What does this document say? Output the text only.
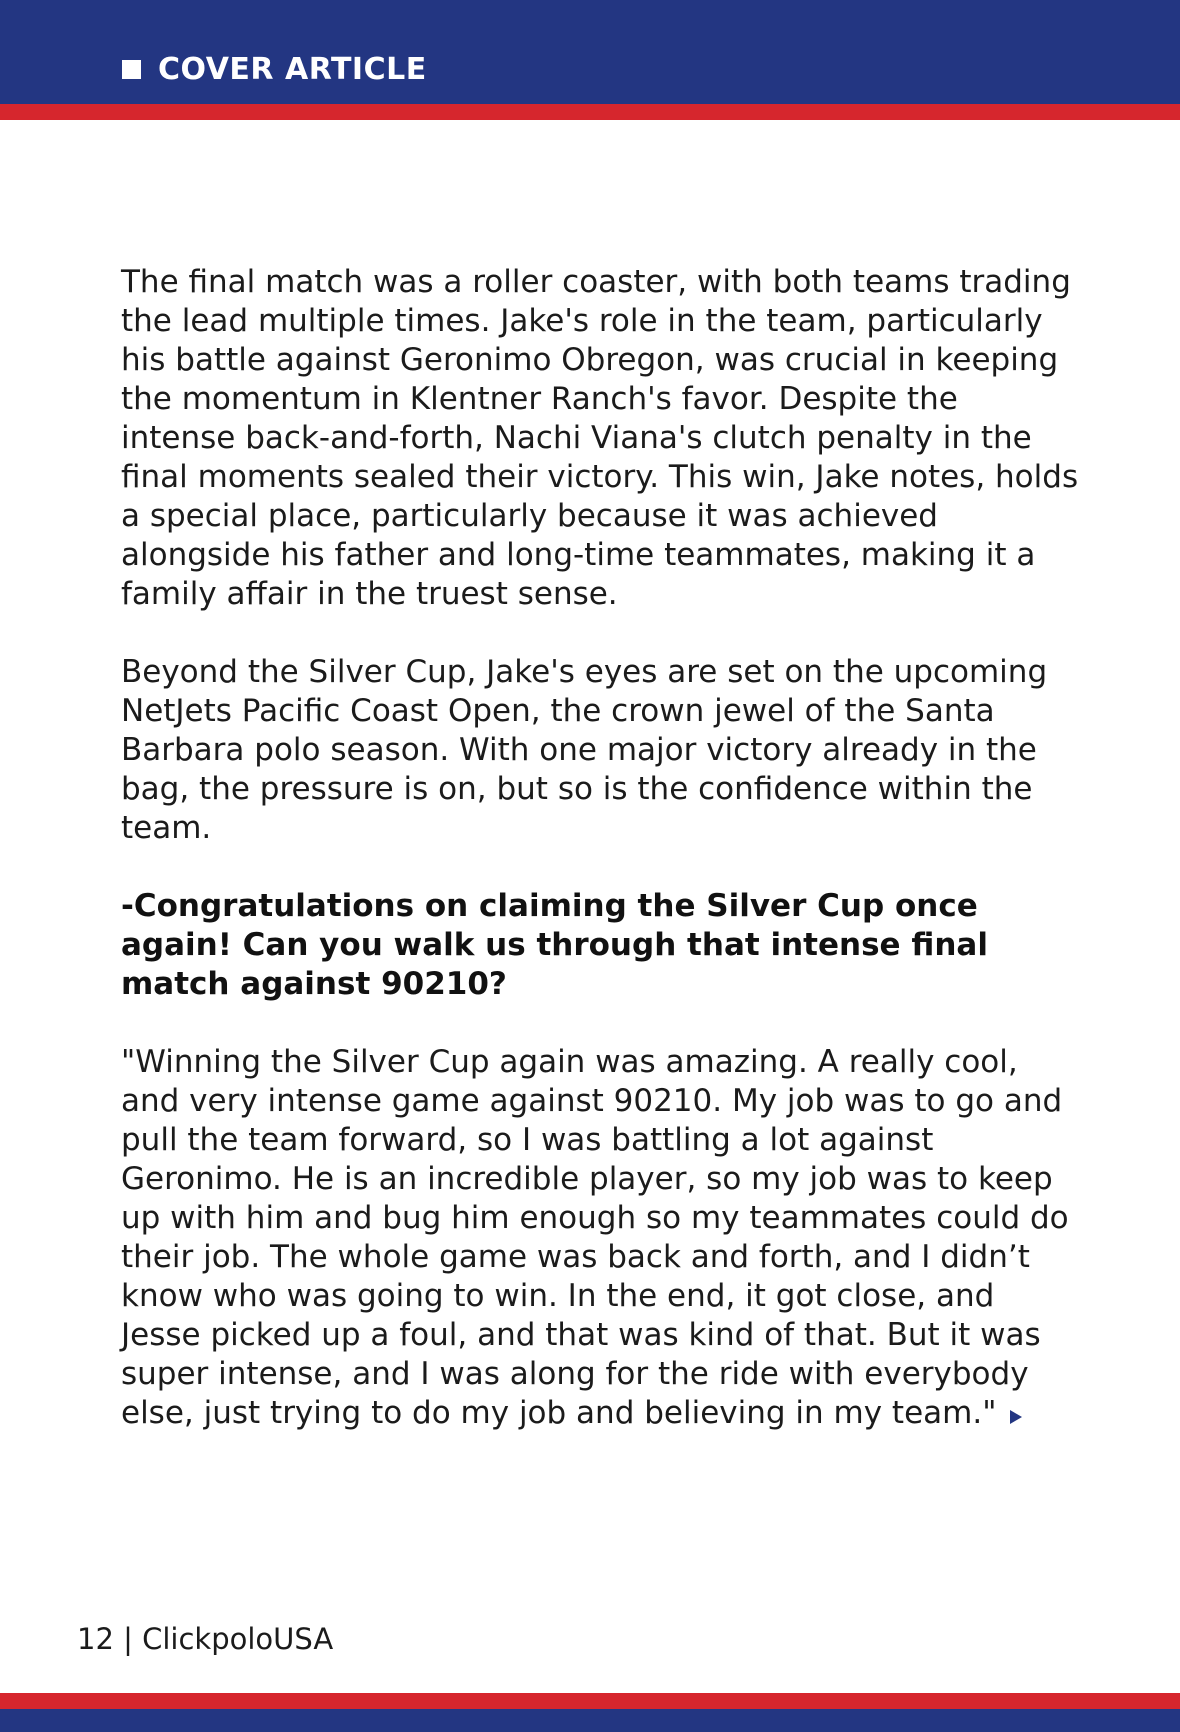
COVER ARTICLE

The final match was a roller coaster, with both teams trading the lead multiple times. Jake's role in the team, particularly his battle against Geronimo Obregon, was crucial in keeping the momentum in Klentner Ranch's favor. Despite the intense back-and-forth, Nachi Viana's clutch penalty in the final moments sealed their victory. This win, Jake notes, holds a special place, particularly because it was achieved alongside his father and long-time teammates, making it a family affair in the truest sense.

Beyond the Silver Cup, Jake's eyes are set on the upcoming NetJets Pacific Coast Open, the crown jewel of the Santa Barbara polo season. With one major victory already in the bag, the pressure is on, but so is the confidence within the team.

-Congratulations on claiming the Silver Cup once again! Can you walk us through that intense final match against 90210?

"Winning the Silver Cup again was amazing. A really cool, and very intense game against 90210. My job was to go and pull the team forward, so I was battling a lot against Geronimo. He is an incredible player, so my job was to keep up with him and bug him enough so my teammates could do their job. The whole game was back and forth, and I didn’t know who was going to win. In the end, it got close, and Jesse picked up a foul, and that was kind of that. But it was super intense, and I was along for the ride with everybody else, just trying to do my job and believing in my team."

12 | ClickpoloUSA
